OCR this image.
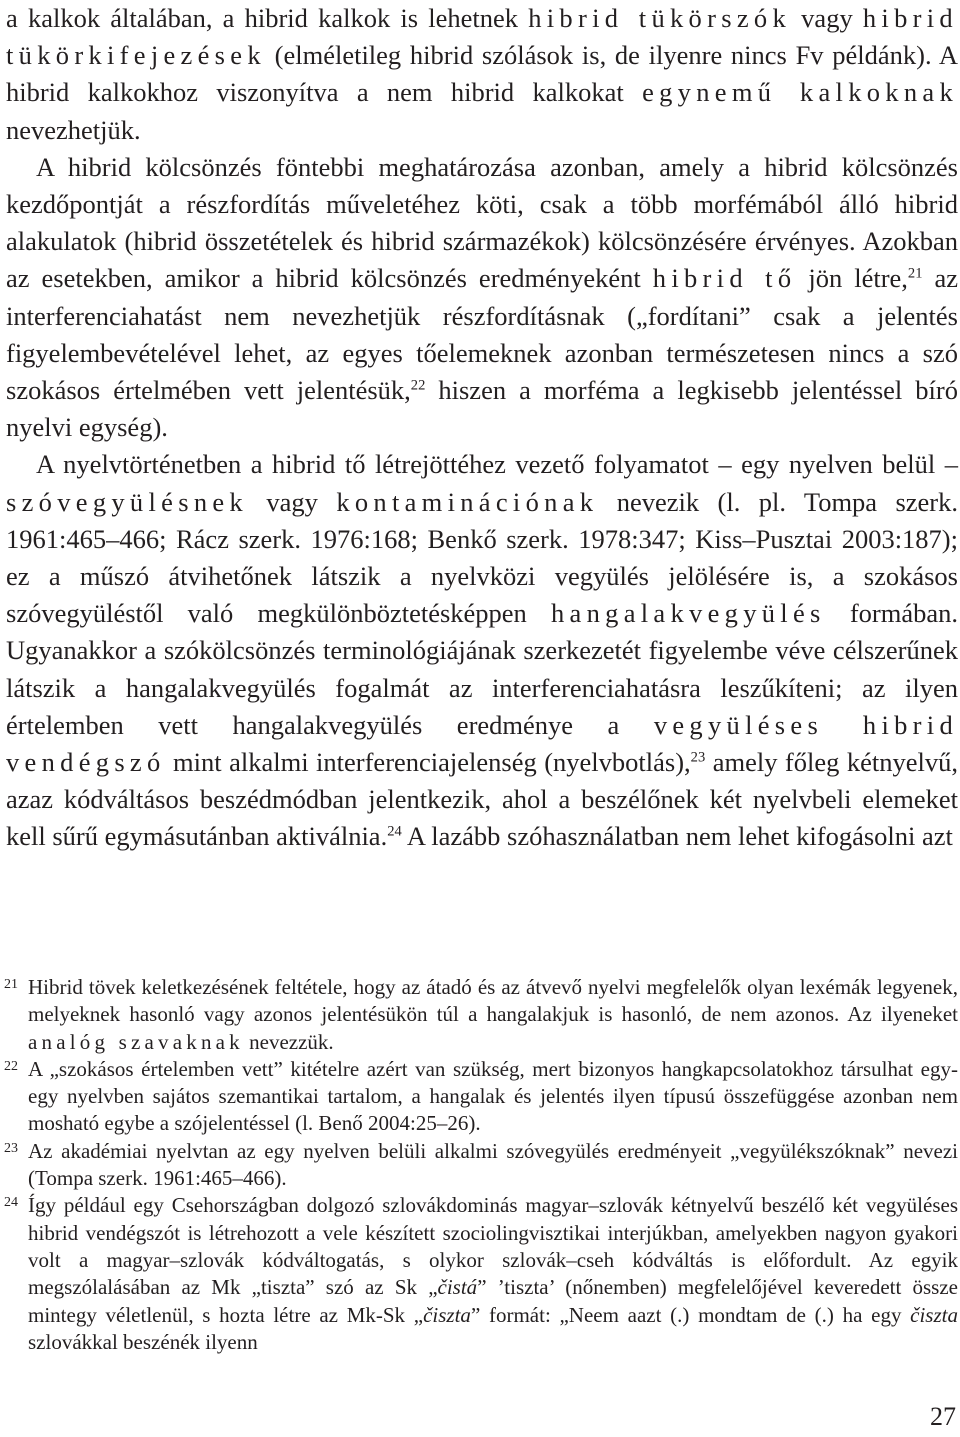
a kalkok általában, a hibrid kalkok is lehetnek hibrid tükörszók vagy hibrid tükörkifejezések (elméletileg hibrid szólások is, de ilyenre nincs Fv példánk). A hibrid kalkokhoz viszonyítva a nem hibrid kalkokat egynemű kalkoknak nevezhetjük.

A hibrid kölcsönzés föntebbi meghatározása azonban, amely a hibrid kölcsönzés kezdőpontját a részfordítás műveletéhez köti, csak a több morfémából álló hibrid alakulatok (hibrid összetételek és hibrid származékok) kölcsönzésére érvényes. Azokban az esetekben, amikor a hibrid kölcsönzés eredményeként hibrid tő jön létre,$^{21}$ az interferenciahatást nem nevezhetjük részfordításnak („fordítani” csak a jelentés figyelembevételével lehet, az egyes tőelemeknek azonban természetesen nincs a szó szokásos értelmében vett jelentésük,$^{22}$ hiszen a morféma a legkisebb jelentéssel bíró nyelvi egység).

A nyelvtörténetben a hibrid tő létrejöttéhez vezető folyamatot – egy nyelven belül – szóvegyülésnek vagy kontaminációnak nevezik (l. pl. Tompa szerk. 1961:465–466; Rácz szerk. 1976:168; Benkő szerk. 1978:347; Kiss–Pusztai 2003:187); ez a műszó átvihetőnek látszik a nyelvközi vegyülés jelölésére is, a szokásos szóvegyüléstől való megkülönböztetésképpen hangalakvegyülés formában. Ugyanakkor a szókölcsönzés terminológiájának szerkezetét figyelembe véve célszerűnek látszik a hangalakvegyülés fogalmát az interferenciahatásra leszűkíteni; az ilyen értelemben vett hangalakvegyülés eredménye a vegyüléses hibrid vendégszó mint alkalmi interferenciajelenség (nyelvbotlás),$^{23}$ amely főleg kétnyelvű, azaz kódváltásos beszédmódban jelentkezik, ahol a beszélőnek két nyelvbeli elemeket kell sűrű egymásutánban aktiválnia.$^{24}$ A lazább szóhasználatban nem lehet kifogásolni azt

21 Hibrid tövek keletkezésének feltétele, hogy az átadó és az átvevő nyelvi megfelelők olyan lexémák legyenek, melyeknek hasonló vagy azonos jelentésükön túl a hangalakjuk is hasonló, de nem azonos. Az ilyeneket analóg szavaknak nevezzük.

22 A „szokásos értelemben vett” kitételre azért van szükség, mert bizonyos hangkapcsolatokhoz társulhat egy-egy nyelvben sajátos szemantikai tartalom, a hangalak és jelentés ilyen típusú összefüggése azonban nem mosható egybe a szójelentéssel (l. Benő 2004:25–26).

23 Az akadémiai nyelvtan az egy nyelven belüli alkalmi szóvegyülés eredményeit „vegyülékszóknak” nevezi (Tompa szerk. 1961:465–466).

24 Így például egy Csehországban dolgozó szlovákdominás magyar–szlovák kétnyelvű beszélő két vegyüléses hibrid vendégszót is létrehozott a vele készített szociolingvisztikai interjúkban, amelyekben nagyon gyakori volt a magyar–szlovák kódváltogatás, s olykor szlovák–cseh kódváltás is előfordult. Az egyik megszólalásában az Mk „tiszta” szó az Sk „čistá” ’tiszta’ (nőnemben) megfelelőjével keveredett össze mintegy véletlenül, s hozta létre az Mk-Sk „čiszta” formát: „Neem aazt (.) mondtam de (.) ha egy čiszta szlovákkal beszénék ilyenn

27
